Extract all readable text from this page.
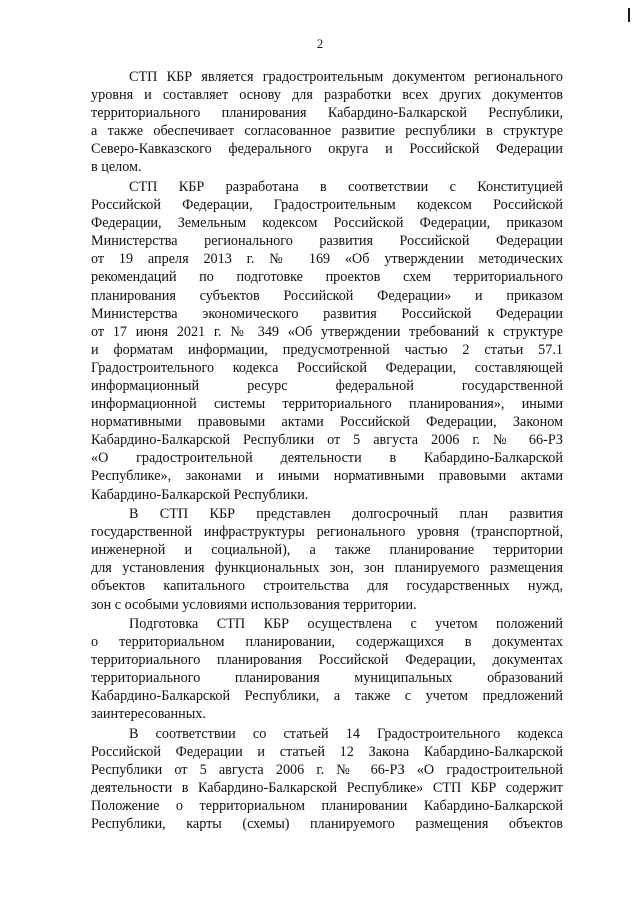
2
СТП КБР является градостроительным документом регионального
уровня и составляет основу для разработки всех других документов
территориального планирования Кабардино-Балкарской Республики,
а также обеспечивает согласованное развитие республики в структуре
Северо-Кавказского федерального округа и Российской Федерации
в целом.
СТП КБР разработана в соответствии с Конституцией
Российской Федерации, Градостроительным кодексом Российской
Федерации, Земельным кодексом Российской Федерации, приказом
Министерства регионального развития Российской Федерации
от 19 апреля 2013 г. № 169 «Об утверждении методических
рекомендаций по подготовке проектов схем территориального
планирования субъектов Российской Федерации» и приказом
Министерства экономического развития Российской Федерации
от 17 июня 2021 г. № 349 «Об утверждении требований к структуре
и форматам информации, предусмотренной частью 2 статьи 57.1
Градостроительного кодекса Российской Федерации, составляющей
информационный ресурс федеральной государственной
информационной системы территориального планирования», иными
нормативными правовыми актами Российской Федерации, Законом
Кабардино-Балкарской Республики от 5 августа 2006 г. № 66-РЗ
«О градостроительной деятельности в Кабардино-Балкарской
Республике», законами и иными нормативными правовыми актами
Кабардино-Балкарской Республики.
В СТП КБР представлен долгосрочный план развития
государственной инфраструктуры регионального уровня (транспортной,
инженерной и социальной), а также планирование территории
для установления функциональных зон, зон планируемого размещения
объектов капитального строительства для государственных нужд,
зон с особыми условиями использования территории.
Подготовка СТП КБР осуществлена с учетом положений
о территориальном планировании, содержащихся в документах
территориального планирования Российской Федерации, документах
территориального планирования муниципальных образований
Кабардино-Балкарской Республики, а также с учетом предложений
заинтересованных.
В соответствии со статьей 14 Градостроительного кодекса
Российской Федерации и статьей 12 Закона Кабардино-Балкарской
Республики от 5 августа 2006 г. № 66-РЗ «О градостроительной
деятельности в Кабардино-Балкарской Республике» СТП КБР содержит
Положение о территориальном планировании Кабардино-Балкарской
Республики, карты (схемы) планируемого размещения объектов
